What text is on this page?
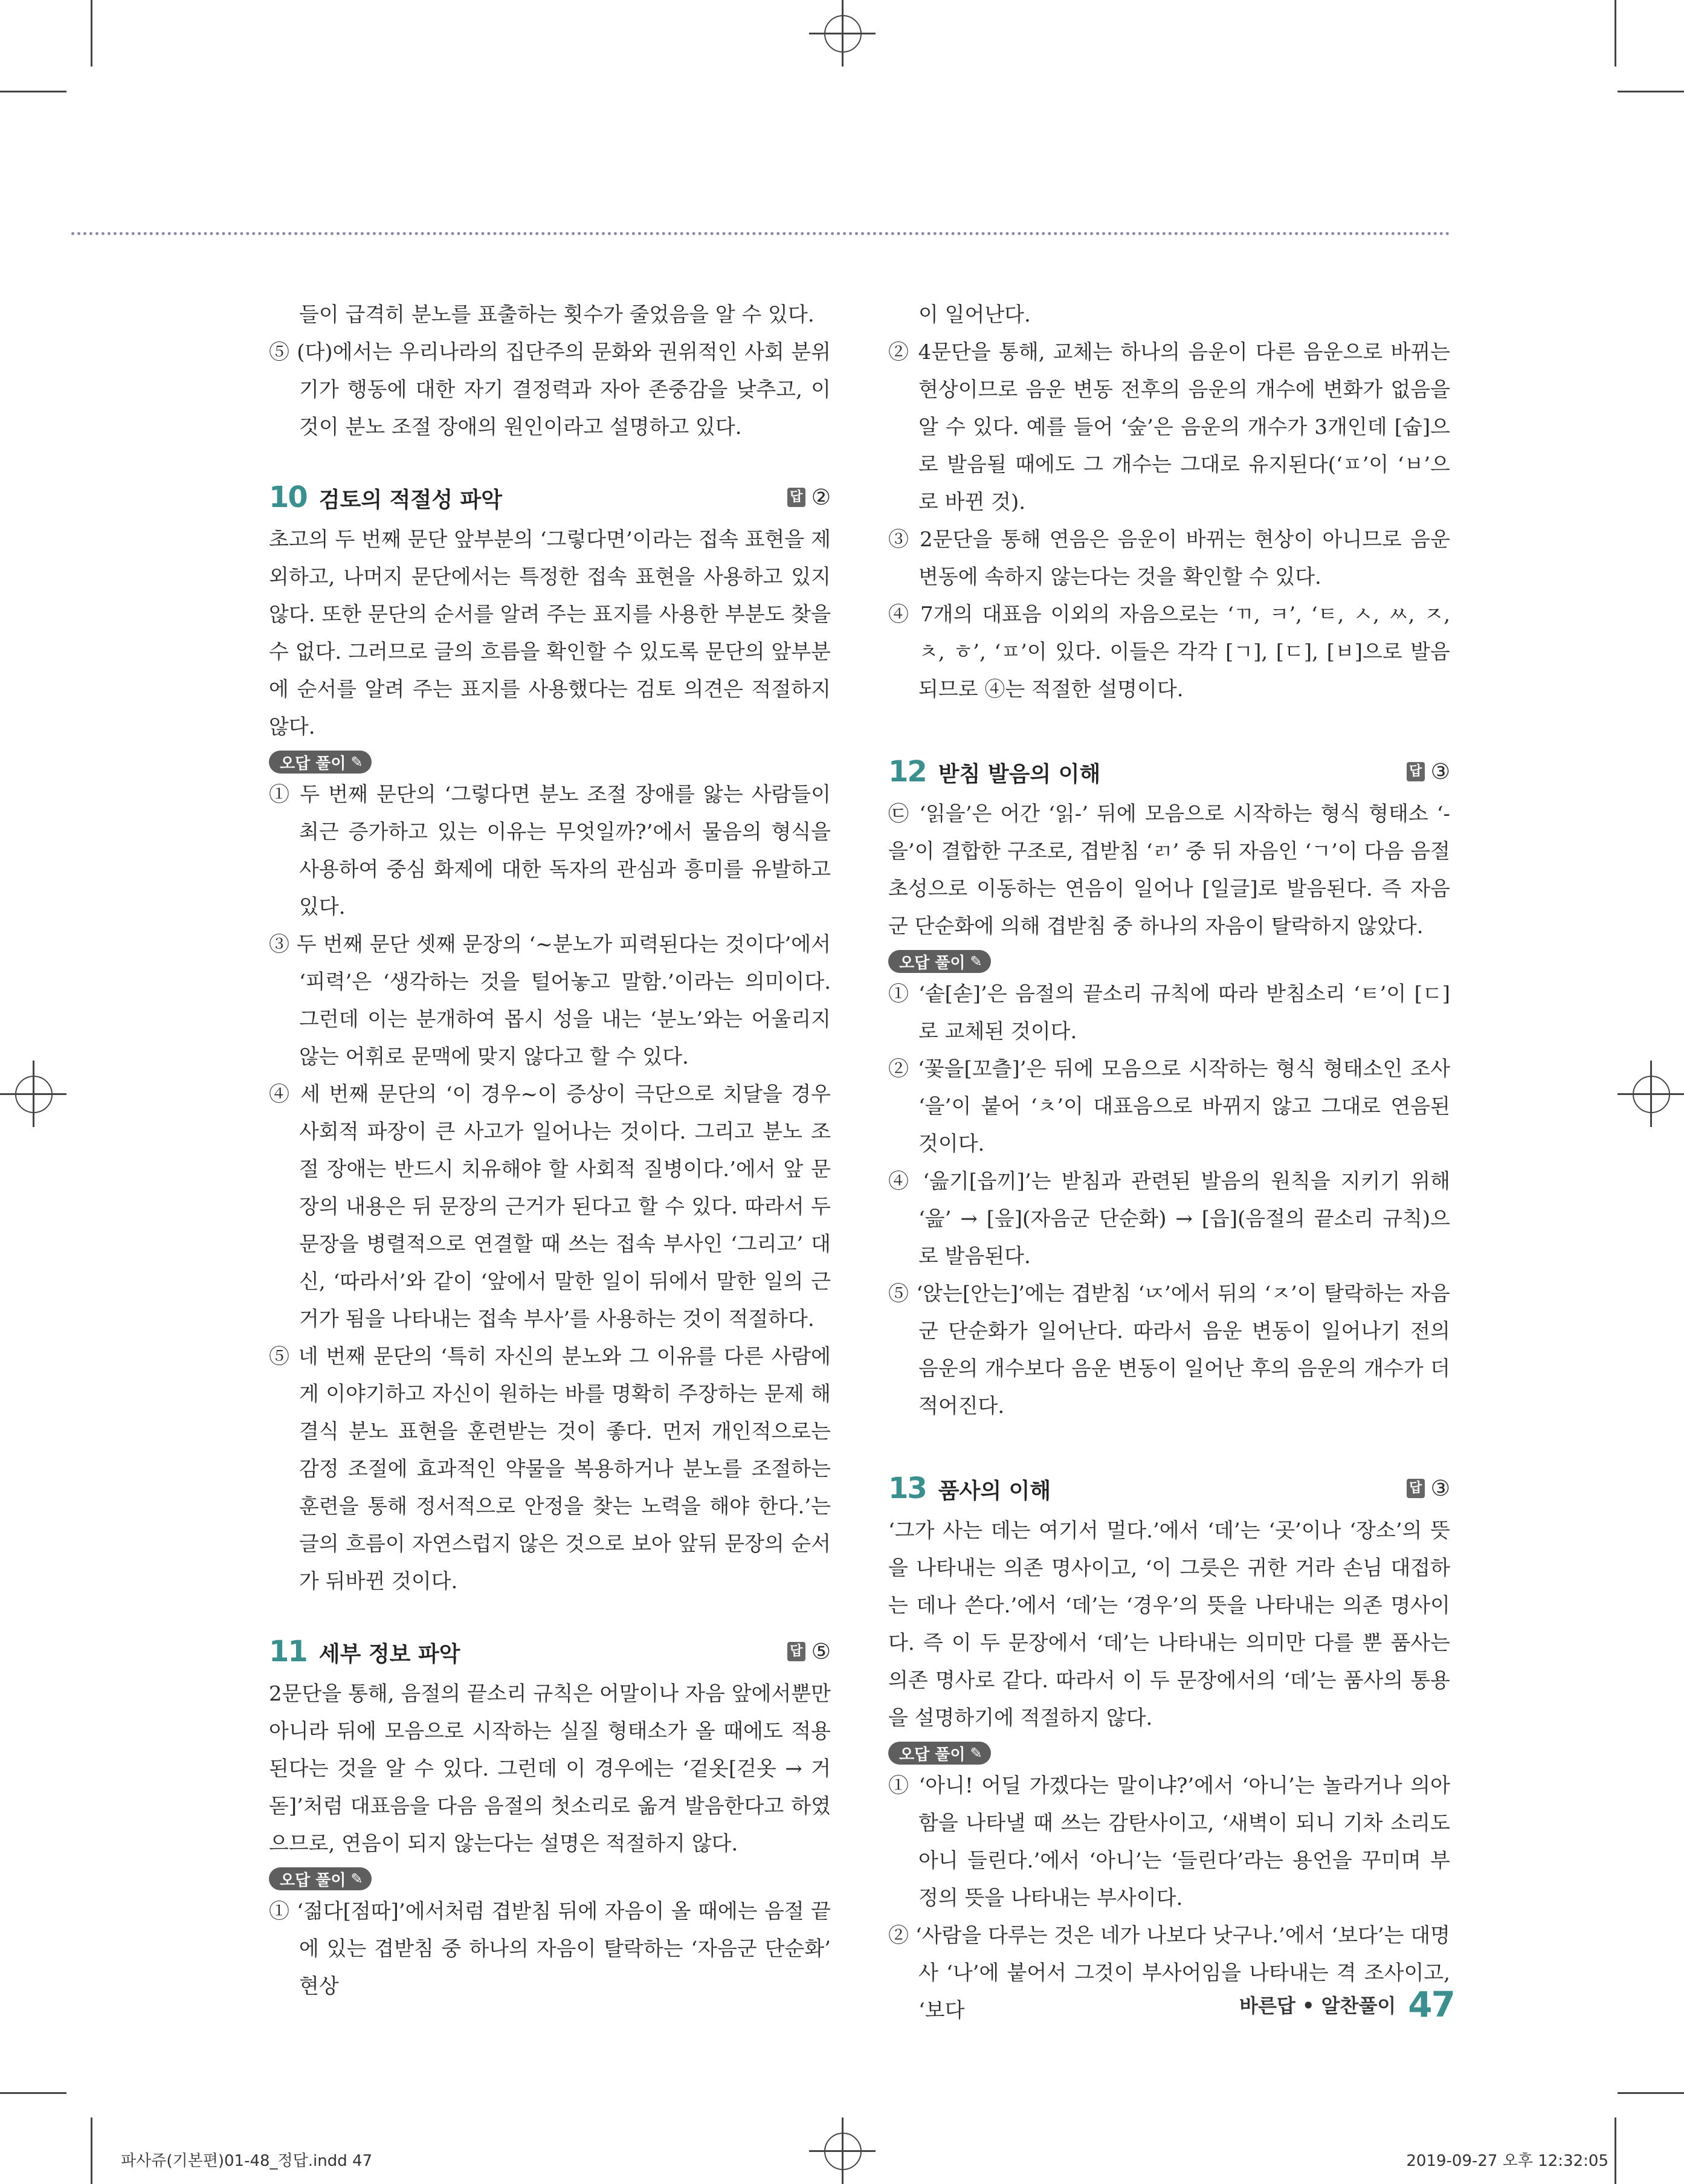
들이 급격히 분노를 표출하는 횟수가 줄었음을 알 수 있다.

⑤ (다)에서는 우리나라의 집단주의 문화와 권위적인 사회 분위기가 행동에 대한 자기 결정력과 자아 존중감을 낮추고, 이것이 분노 조절 장애의 원인이라고 설명하고 있다.

10 검토의 적절성 파악	답 ②

초고의 두 번째 문단 앞부분의 ‘그렇다면’이라는 접속 표현을 제외하고, 나머지 문단에서는 특정한 접속 표현을 사용하고 있지 않다. 또한 문단의 순서를 알려 주는 표지를 사용한 부분도 찾을 수 없다. 그러므로 글의 흐름을 확인할 수 있도록 문단의 앞부분에 순서를 알려 주는 표지를 사용했다는 검토 의견은 적절하지 않다.

오답 풀이 ✎

① 두 번째 문단의 ‘그렇다면 분노 조절 장애를 앓는 사람들이 최근 증가하고 있는 이유는 무엇일까?’에서 물음의 형식을 사용하여 중심 화제에 대한 독자의 관심과 흥미를 유발하고 있다.

③ 두 번째 문단 셋째 문장의 ‘~분노가 피력된다는 것이다’에서 ‘피력’은 ‘생각하는 것을 털어놓고 말함.’이라는 의미이다. 그런데 이는 분개하여 몹시 성을 내는 ‘분노’와는 어울리지 않는 어휘로 문맥에 맞지 않다고 할 수 있다.

④ 세 번째 문단의 ‘이 경우~이 증상이 극단으로 치달을 경우 사회적 파장이 큰 사고가 일어나는 것이다. 그리고 분노 조절 장애는 반드시 치유해야 할 사회적 질병이다.’에서 앞 문장의 내용은 뒤 문장의 근거가 된다고 할 수 있다. 따라서 두 문장을 병렬적으로 연결할 때 쓰는 접속 부사인 ‘그리고’ 대신, ‘따라서’와 같이 ‘앞에서 말한 일이 뒤에서 말한 일의 근거가 됨을 나타내는 접속 부사’를 사용하는 것이 적절하다.

⑤ 네 번째 문단의 ‘특히 자신의 분노와 그 이유를 다른 사람에게 이야기하고 자신이 원하는 바를 명확히 주장하는 문제 해결식 분노 표현을 훈련받는 것이 좋다. 먼저 개인적으로는 감정 조절에 효과적인 약물을 복용하거나 분노를 조절하는 훈련을 통해 정서적으로 안정을 찾는 노력을 해야 한다.’는 글의 흐름이 자연스럽지 않은 것으로 보아 앞뒤 문장의 순서가 뒤바뀐 것이다.

11 세부 정보 파악	답 ⑤

2문단을 통해, 음절의 끝소리 규칙은 어말이나 자음 앞에서뿐만 아니라 뒤에 모음으로 시작하는 실질 형태소가 올 때에도 적용된다는 것을 알 수 있다. 그런데 이 경우에는 ‘겉옷[걷옷 → 거돋]’처럼 대표음을 다음 음절의 첫소리로 옮겨 발음한다고 하였으므로, 연음이 되지 않는다는 설명은 적절하지 않다.

오답 풀이 ✎

① ‘젊다[점따]’에서처럼 겹받침 뒤에 자음이 올 때에는 음절 끝에 있는 겹받침 중 하나의 자음이 탈락하는 ‘자음군 단순화’ 현상

이 일어난다.

② 4문단을 통해, 교체는 하나의 음운이 다른 음운으로 바뀌는 현상이므로 음운 변동 전후의 음운의 개수에 변화가 없음을 알 수 있다. 예를 들어 ‘숲’은 음운의 개수가 3개인데 [숩]으로 발음될 때에도 그 개수는 그대로 유지된다(‘ㅍ’이 ‘ㅂ’으로 바뀐 것).

③ 2문단을 통해 연음은 음운이 바뀌는 현상이 아니므로 음운 변동에 속하지 않는다는 것을 확인할 수 있다.

④ 7개의 대표음 이외의 자음으로는 ‘ㄲ, ㅋ’, ‘ㅌ, ㅅ, ㅆ, ㅈ, ㅊ, ㅎ’, ‘ㅍ’이 있다. 이들은 각각 [ㄱ], [ㄷ], [ㅂ]으로 발음되므로 ④는 적절한 설명이다.

12 받침 발음의 이해	답 ③

㉢ ‘읽을’은 어간 ‘읽-’ 뒤에 모음으로 시작하는 형식 형태소 ‘-을’이 결합한 구조로, 겹받침 ‘ㄺ’ 중 뒤 자음인 ‘ㄱ’이 다음 음절 초성으로 이동하는 연음이 일어나 [일글]로 발음된다. 즉 자음군 단순화에 의해 겹받침 중 하나의 자음이 탈락하지 않았다.

오답 풀이 ✎

① ‘솥[솓]’은 음절의 끝소리 규칙에 따라 받침소리 ‘ㅌ’이 [ㄷ]로 교체된 것이다.

② ‘꽃을[꼬츨]’은 뒤에 모음으로 시작하는 형식 형태소인 조사 ‘을’이 붙어 ‘ㅊ’이 대표음으로 바뀌지 않고 그대로 연음된 것이다.

④ ‘읊기[읍끼]’는 받침과 관련된 발음의 원칙을 지키기 위해 ‘읊’ → [읖](자음군 단순화) → [읍](음절의 끝소리 규칙)으로 발음된다.

⑤ ‘앉는[안는]’에는 겹받침 ‘ㄵ’에서 뒤의 ‘ㅈ’이 탈락하는 자음군 단순화가 일어난다. 따라서 음운 변동이 일어나기 전의 음운의 개수보다 음운 변동이 일어난 후의 음운의 개수가 더 적어진다.

13 품사의 이해	답 ③

‘그가 사는 데는 여기서 멀다.’에서 ‘데’는 ‘곳’이나 ‘장소’의 뜻을 나타내는 의존 명사이고, ‘이 그릇은 귀한 거라 손님 대접하는 데나 쓴다.’에서 ‘데’는 ‘경우’의 뜻을 나타내는 의존 명사이다. 즉 이 두 문장에서 ‘데’는 나타내는 의미만 다를 뿐 품사는 의존 명사로 같다. 따라서 이 두 문장에서의 ‘데’는 품사의 통용을 설명하기에 적절하지 않다.

오답 풀이 ✎

① ‘아니! 어딜 가겠다는 말이냐?’에서 ‘아니’는 놀라거나 의아함을 나타낼 때 쓰는 감탄사이고, ‘새벽이 되니 기차 소리도 아니 들린다.’에서 ‘아니’는 ‘들린다’라는 용언을 꾸미며 부정의 뜻을 나타내는 부사이다.

② ‘사람을 다루는 것은 네가 나보다 낫구나.’에서 ‘보다’는 대명사 ‘나’에 붙어서 그것이 부사어임을 나타내는 격 조사이고, ‘보다	바른답 • 알찬풀이 47
파사쥬(기본편)01-48_정답.indd 47	2019-09-27 오후 12:32:05
